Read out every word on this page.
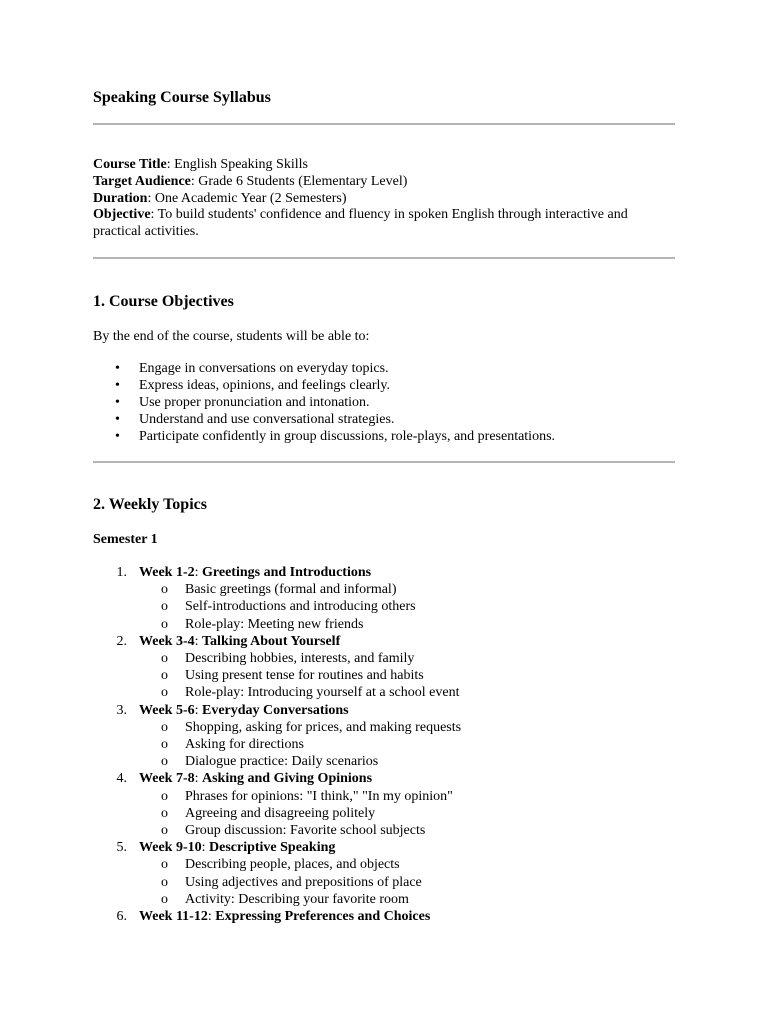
Speaking Course Syllabus

Course Title: English Speaking Skills

Target Audience: Grade 6 Students (Elementary Level)

Duration: One Academic Year (2 Semesters)

Objective: To build students' confidence and fluency in spoken English through interactive and practical activities.

1. Course Objectives

By the end of the course, students will be able to:

• Engage in conversations on everyday topics.
• Express ideas, opinions, and feelings clearly.
• Use proper pronunciation and intonation.
• Understand and use conversational strategies.
• Participate confidently in group discussions, role-plays, and presentations.
2. Weekly Topics
Semester 1
1. Week 1-2: Greetings and Introductions
o Basic greetings (formal and informal)
o Self-introductions and introducing others
o Role-play: Meeting new friends
2. Week 3-4: Talking About Yourself
o Describing hobbies, interests, and family
o Using present tense for routines and habits
o Role-play: Introducing yourself at a school event
3. Week 5-6: Everyday Conversations
o Shopping, asking for prices, and making requests
o Asking for directions
o Dialogue practice: Daily scenarios
4. Week 7-8: Asking and Giving Opinions
o Phrases for opinions: "I think," "In my opinion"
o Agreeing and disagreeing politely
o Group discussion: Favorite school subjects
5. Week 9-10: Descriptive Speaking
o Describing people, places, and objects
o Using adjectives and prepositions of place
o Activity: Describing your favorite room
6. Week 11-12: Expressing Preferences and Choices
